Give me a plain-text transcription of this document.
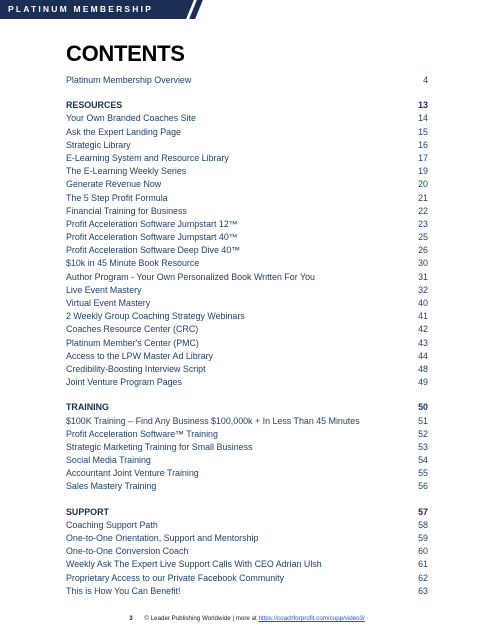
PLATINUM MEMBERSHIP
CONTENTS
Platinum Membership Overview	4
RESOURCES	13
Your Own Branded Coaches Site	14
Ask the Expert Landing Page	15
Strategic Library	16
E-Learning System and Resource Library	17
The E-Learning Weekly Series	19
Generate Revenue Now	20
The 5 Step Profit Formula	21
Financial Training for Business	22
Profit Acceleration Software Jumpstart 12™	23
Profit Acceleration Software Jumpstart 40™	25
Profit Acceleration Software Deep Dive 40™	26
$10k in 45 Minute Book Resource	30
Author Program - Your Own Personalized Book Written For You	31
Live Event Mastery	32
Virtual Event Mastery	40
2 Weekly Group Coaching Strategy Webinars	41
Coaches Resource Center (CRC)	42
Platinum Member's Center (PMC)	43
Access to the LPW Master Ad Library	44
Credibility-Boosting Interview Script	48
Joint Venture Program Pages	49
TRAINING	50
$100K Training – Find Any Business $100,000k + In Less Than 45 Minutes	51
Profit Acceleration Software™ Training	52
Strategic Marketing Training for Small Business	53
Social Media Training	54
Accountant Joint Venture Training	55
Sales Mastery Training	56
SUPPORT	57
Coaching Support Path	58
One-to-One Orientation, Support and Mentorship	59
One-to-One Conversion Coach	60
Weekly Ask The Expert Live Support Calls With CEO Adrian Ulsh	61
Proprietary Access to our Private Facebook Community	62
This is How You Can Benefit!	63
3 © Leader Publishing Worldwide | more at https://coachforprofit.com/cupp/video3/
